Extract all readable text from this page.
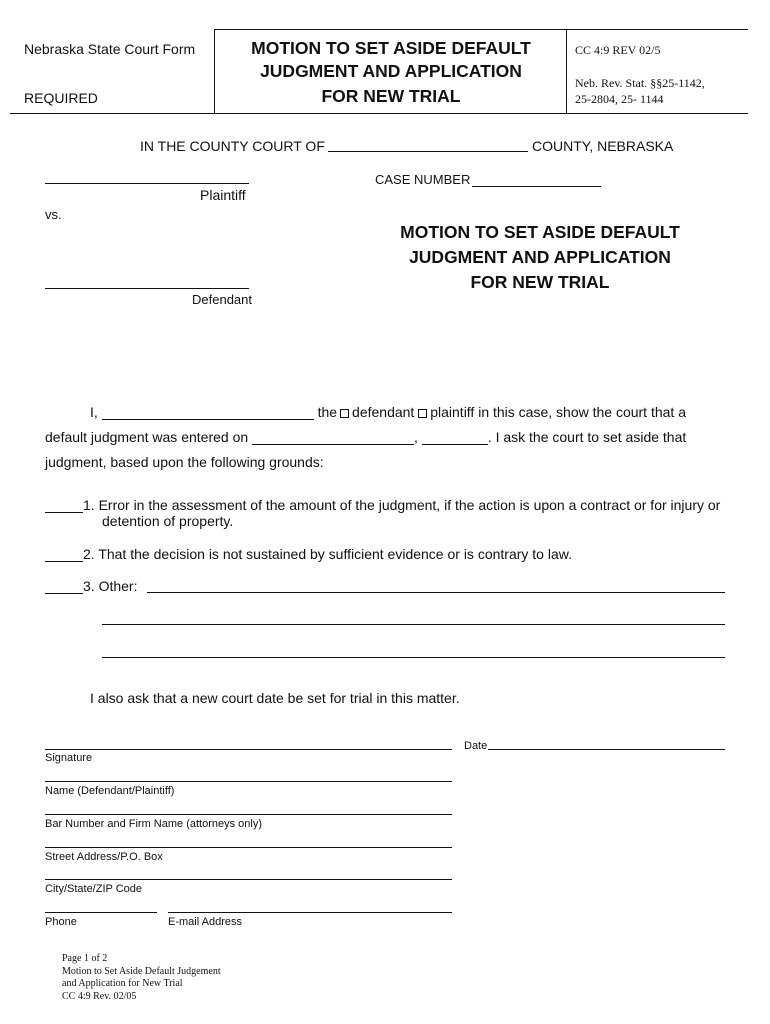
Nebraska State Court Form
REQUIRED
MOTION TO SET ASIDE DEFAULT
JUDGMENT AND APPLICATION
FOR NEW TRIAL
CC 4:9 REV 02/5
Neb. Rev. Stat. §§25-1142,
25-2804, 25- 1144
IN THE COUNTY COURT OF	COUNTY, NEBRASKA
Plaintiff
vs.
Defendant
CASE NUMBER
MOTION TO SET ASIDE DEFAULT
JUDGMENT AND APPLICATION
FOR NEW TRIAL
I,	the defendant plaintiff in this case, show the court that a
default judgment was entered on	,	. I ask the court to set aside that
judgment, based upon the following grounds:
1. Error in the assessment of the amount of the judgment, if the action is upon a contract or for injury or
detention of property.
2. That the decision is not sustained by sufficient evidence or is contrary to law.
3. Other:
I also ask that a new court date be set for trial in this matter.
Signature
Date
Name (Defendant/Plaintiff)
Bar Number and Firm Name (attorneys only)
Street Address/P.O. Box
City/State/ZIP Code
Phone	E-mail Address
Page 1 of 2
Motion to Set Aside Default Judgement
and Application for New Trial
CC 4:9 Rev. 02/05
